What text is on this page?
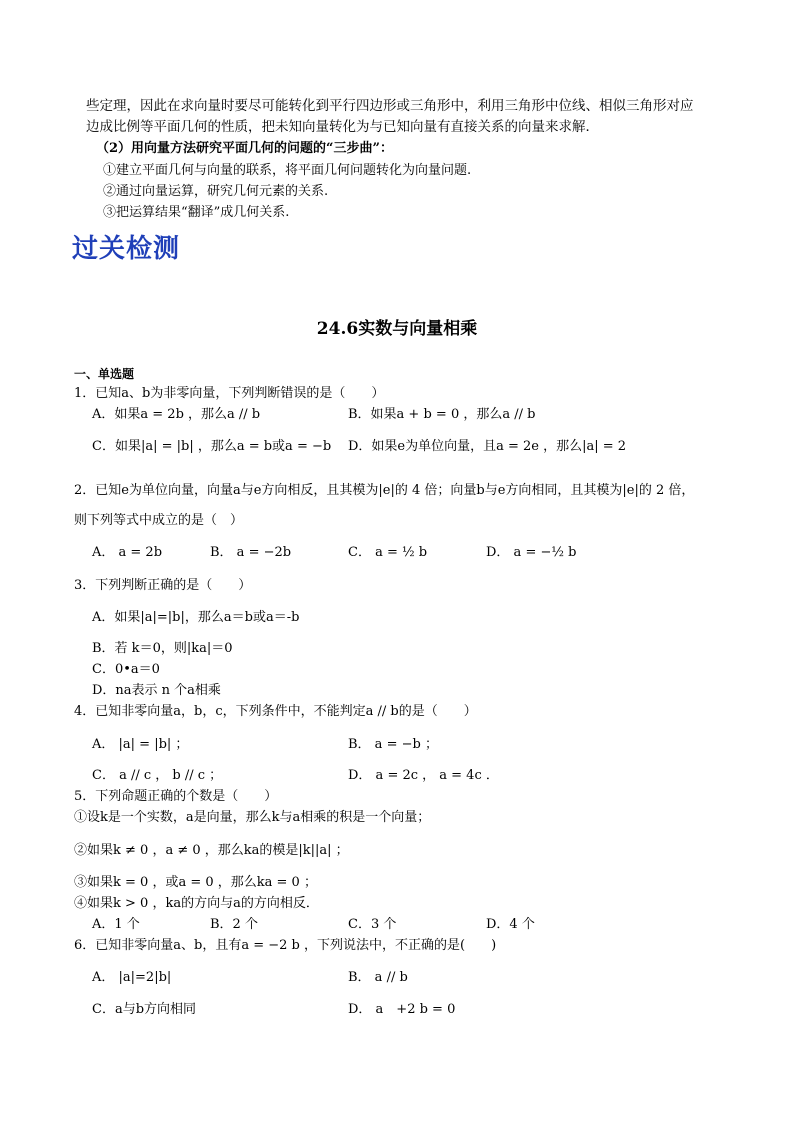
些定理，因此在求向量时要尽可能转化到平行四边形或三角形中，利用三角形中位线、相似三角形对应
边成比例等平面几何的性质，把未知向量转化为与已知向量有直接关系的向量来求解．
（2）用向量方法研究平面几何的问题的“三步曲”：
①建立平面几何与向量的联系，将平面几何问题转化为向量问题.
②通过向量运算，研究几何元素的关系.
③把运算结果“翻译”成几何关系.
过关检测
24.6实数与向量相乘
一、单选题
1．已知a、b为非零向量，下列判断错误的是（　　）
A．如果a = 2b ，那么a // b	B．如果a + b = 0 ，那么a // b
C．如果|a| = |b| ，那么a = b或a = −b D．如果e为单位向量，且a = 2e ，那么|a| = 2
2．已知e为单位向量，向量a与e方向相反，且其模为|e|的 4 倍；向量b与e方向相同，且其模为|e|的 2 倍，
则下列等式中成立的是（　）
A． a = 2b	B． a = −2b	C． a = ½ b	D． a = −½ b
3．下列判断正确的是（　　）
A．如果|a|=|b|，那么a＝b或a＝-b
B．若 k＝0，则|ka|＝0
C．0•a＝0
D．na表示 n 个a相乘
4．已知非零向量a，b，c，下列条件中，不能判定a // b的是（　　）
A． |a| = |b| ；	B． a = −b ；
C． a // c ， b // c ；	D． a = 2c ， a = 4c ．
5．下列命题正确的个数是（　　）
①设k是一个实数，a是向量，那么k与a相乘的积是一个向量；
②如果k ≠ 0 ，a ≠ 0 ，那么ka的模是|k||a| ；
③如果k = 0 ，或a = 0 ，那么ka = 0 ；
④如果k > 0 ，ka的方向与a的方向相反．
A．1 个	B．2 个	C．3 个	D．4 个
6．已知非零向量a、b，且有a = −2 b ，下列说法中，不正确的是(　　)
A． |a|=2|b|	B． a // b
C．a与b方向相同	D． a　+2 b = 0
